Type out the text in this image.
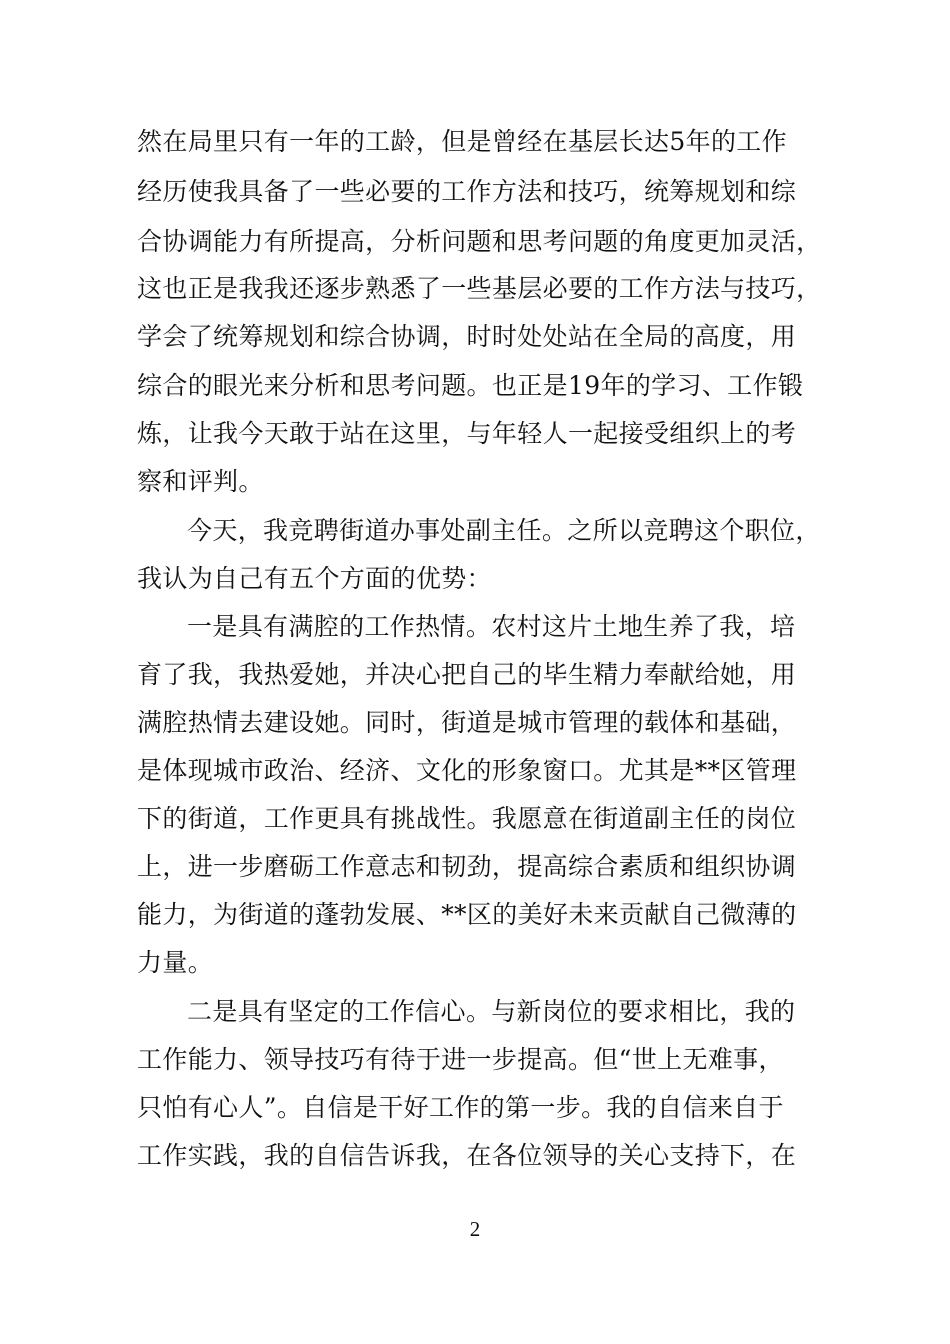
然在局里只有一年的工龄，但是曾经在基层长达5年的工作
经历使我具备了一些必要的工作方法和技巧，统筹规划和综
合协调能力有所提高，分析问题和思考问题的角度更加灵活，
这也正是我我还逐步熟悉了一些基层必要的工作方法与技巧，
学会了统筹规划和综合协调，时时处处站在全局的高度，用
综合的眼光来分析和思考问题。也正是19年的学习、工作锻
炼，让我今天敢于站在这里，与年轻人一起接受组织上的考
察和评判。
今天，我竞聘街道办事处副主任。之所以竞聘这个职位，
我认为自己有五个方面的优势：
一是具有满腔的工作热情。农村这片土地生养了我，培
育了我，我热爱她，并决心把自己的毕生精力奉献给她，用
满腔热情去建设她。同时，街道是城市管理的载体和基础，
是体现城市政治、经济、文化的形象窗口。尤其是**区管理
下的街道，工作更具有挑战性。我愿意在街道副主任的岗位
上，进一步磨砺工作意志和韧劲，提高综合素质和组织协调
能力，为街道的蓬勃发展、**区的美好未来贡献自己微薄的
力量。
二是具有坚定的工作信心。与新岗位的要求相比，我的
工作能力、领导技巧有待于进一步提高。但“世上无难事，
只怕有心人”。自信是干好工作的第一步。我的自信来自于
工作实践，我的自信告诉我，在各位领导的关心支持下，在
2
